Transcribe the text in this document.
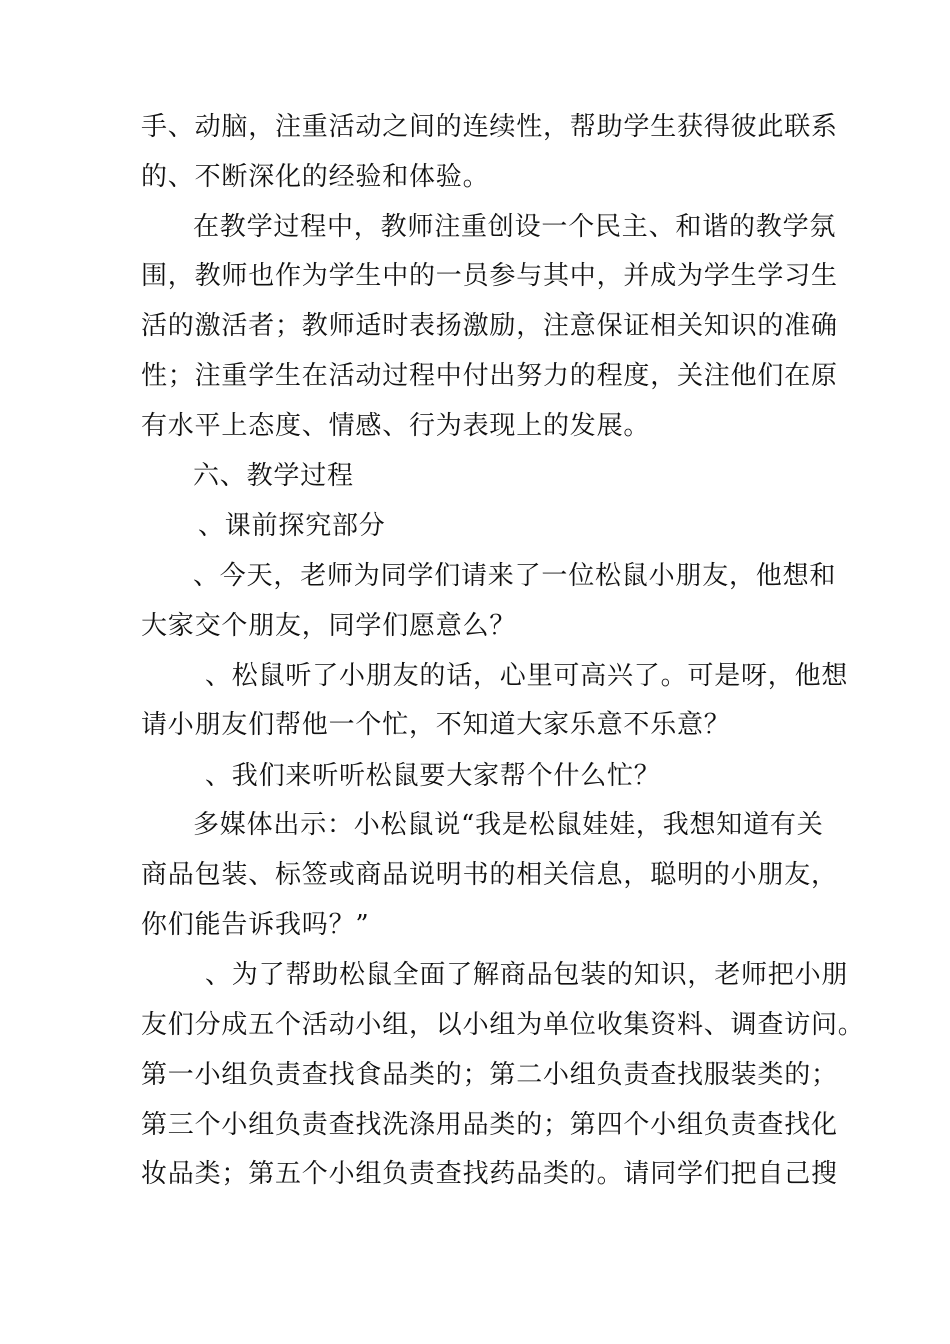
手、动脑，注重活动之间的连续性，帮助学生获得彼此联系
的、不断深化的经验和体验。
在教学过程中，教师注重创设一个民主、和谐的教学氛
围，教师也作为学生中的一员参与其中，并成为学生学习生
活的激活者；教师适时表扬激励，注意保证相关知识的准确
性；注重学生在活动过程中付出努力的程度，关注他们在原
有水平上态度、情感、行为表现上的发展。
六、教学过程
、课前探究部分
、今天，老师为同学们请来了一位松鼠小朋友，他想和
大家交个朋友，同学们愿意么？
、松鼠听了小朋友的话，心里可高兴了。可是呀，他想
请小朋友们帮他一个忙，不知道大家乐意不乐意？
、我们来听听松鼠要大家帮个什么忙？
多媒体出示：小松鼠说“我是松鼠娃娃，我想知道有关
商品包装、标签或商品说明书的相关信息，聪明的小朋友，
你们能告诉我吗？”
、为了帮助松鼠全面了解商品包装的知识，老师把小朋
友们分成五个活动小组，以小组为单位收集资料、调查访问。
第一小组负责查找食品类的；第二小组负责查找服装类的；
第三个小组负责查找洗涤用品类的；第四个小组负责查找化
妆品类；第五个小组负责查找药品类的。请同学们把自己搜
